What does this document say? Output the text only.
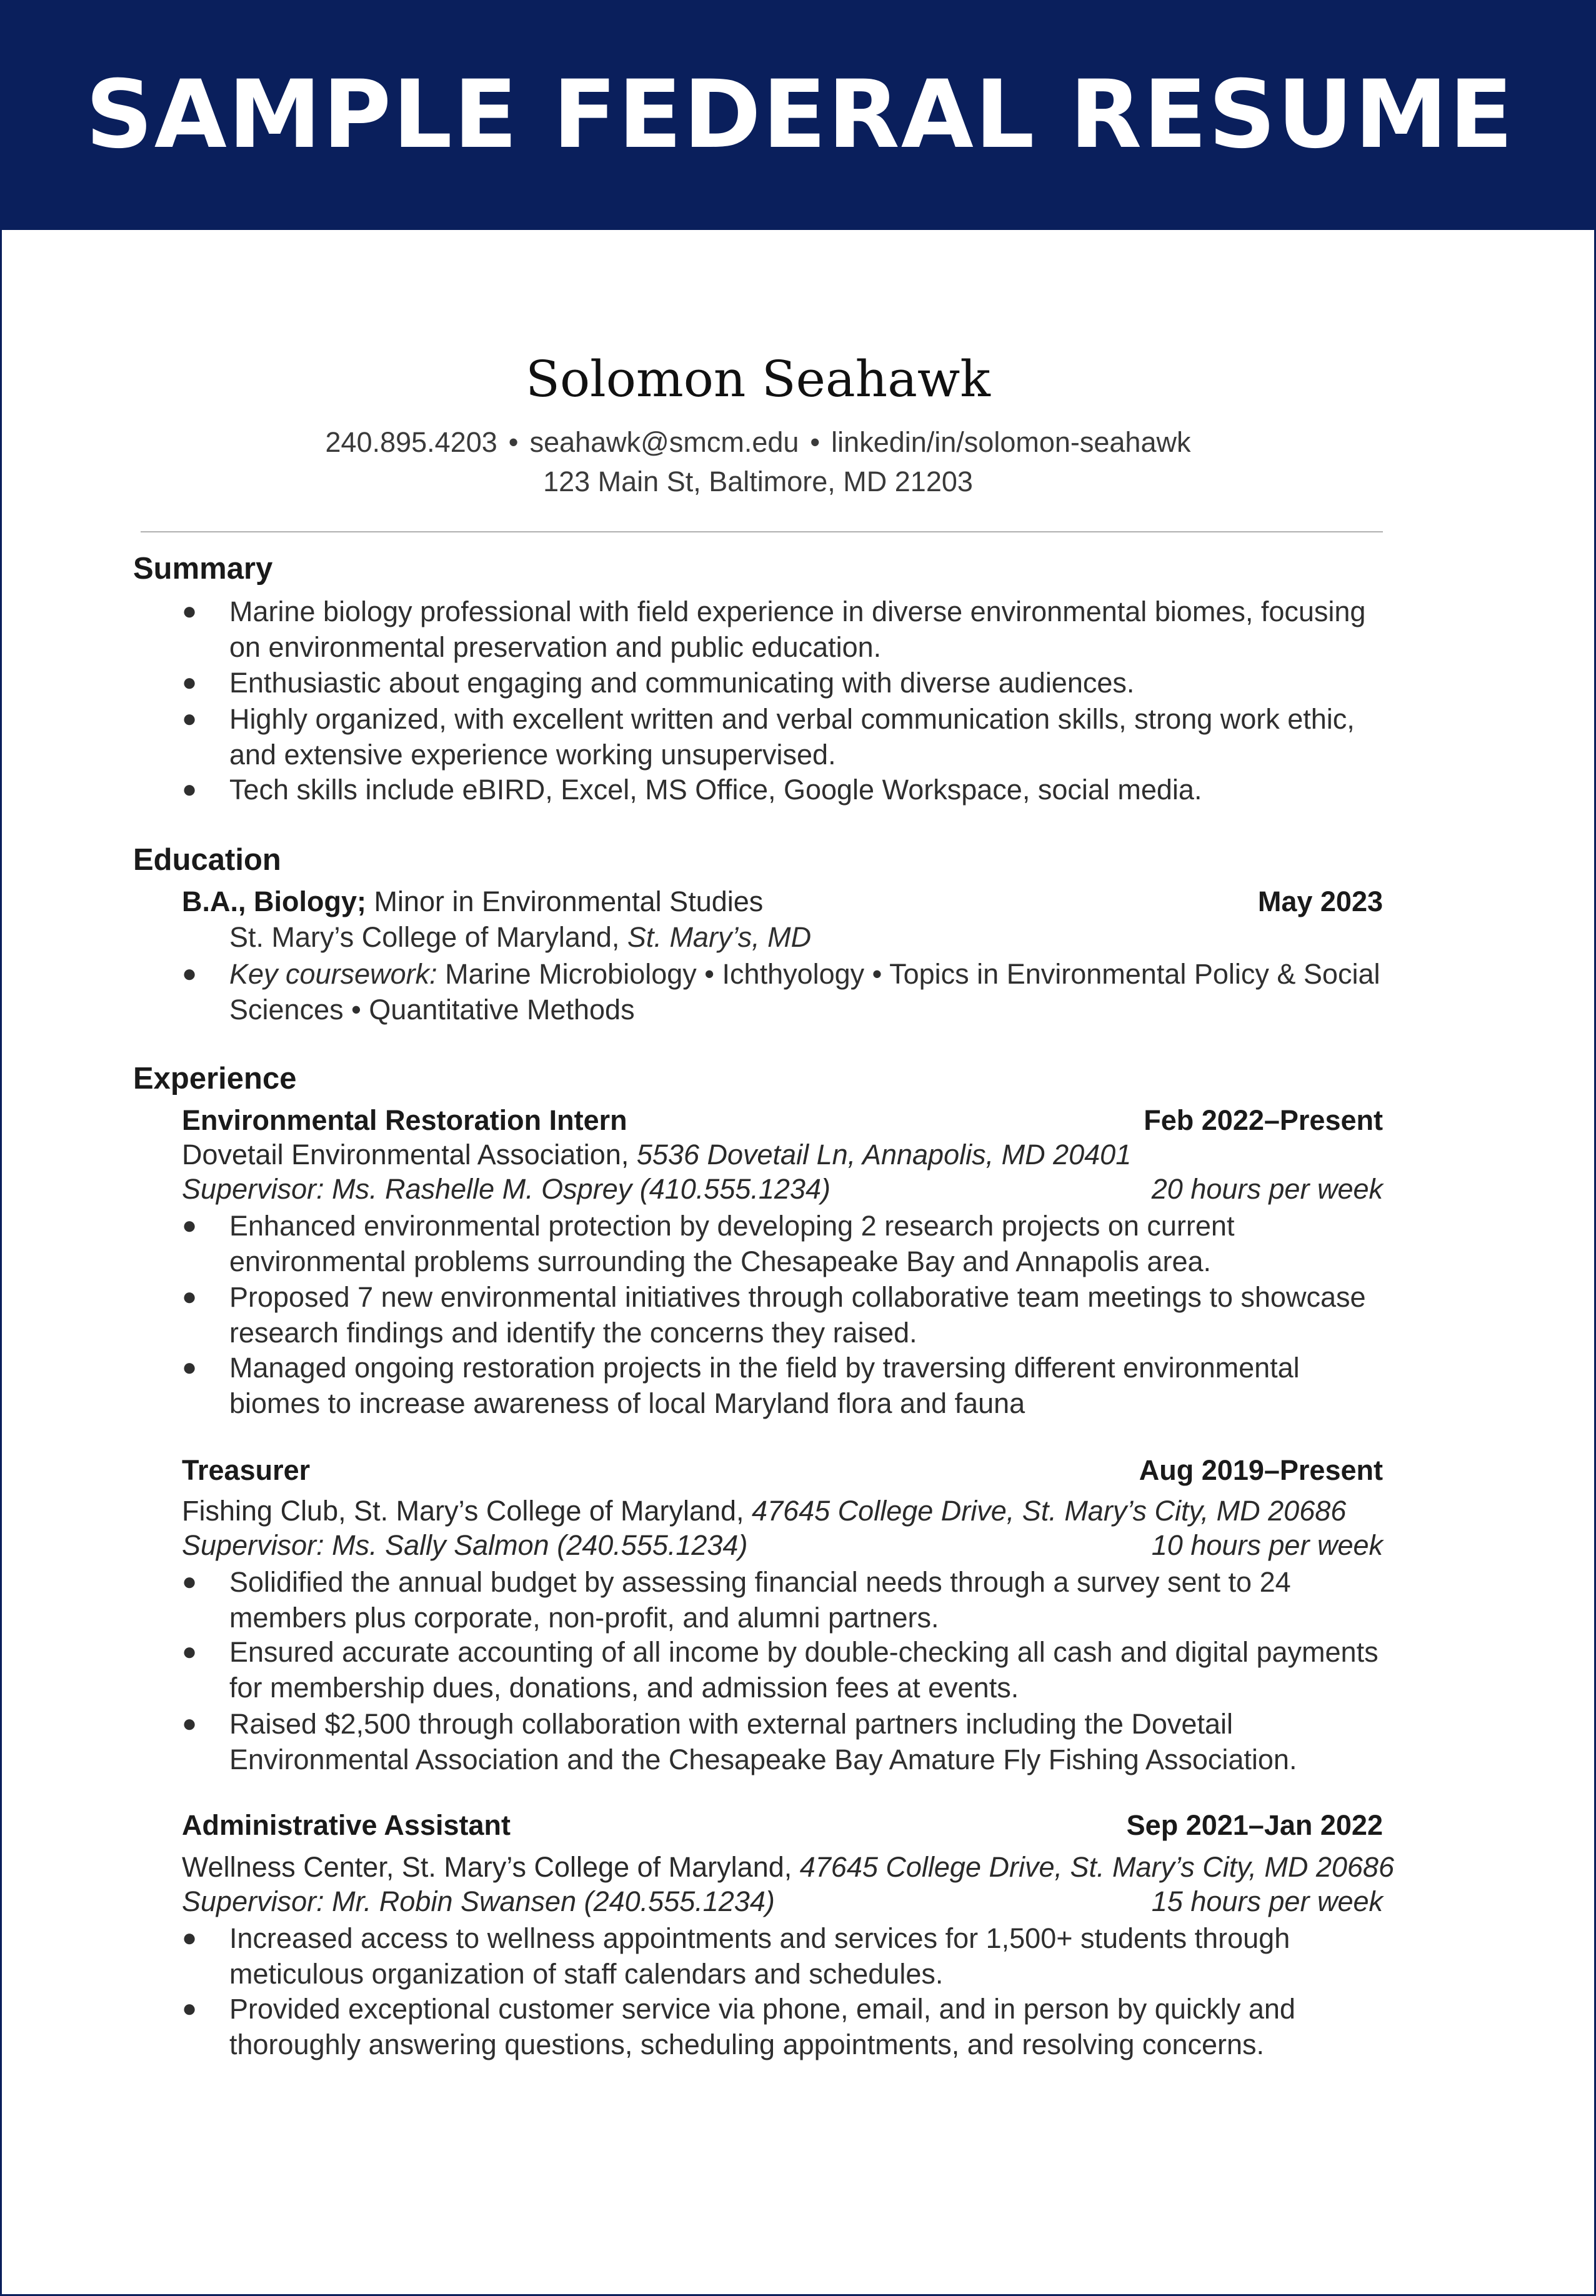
SAMPLE FEDERAL RESUME
Solomon Seahawk
240.895.4203 • seahawk@smcm.edu • linkedin/in/solomon-seahawk
123 Main St, Baltimore, MD 21203
Summary
● Marine biology professional with field experience in diverse environmental biomes, focusing on environmental preservation and public education.
● Enthusiastic about engaging and communicating with diverse audiences.
● Highly organized, with excellent written and verbal communication skills, strong work ethic, and extensive experience working unsupervised.
● Tech skills include eBIRD, Excel, MS Office, Google Workspace, social media.
Education
B.A., Biology; Minor in Environmental Studies	May 2023
St. Mary’s College of Maryland, St. Mary’s, MD
● Key coursework: Marine Microbiology • Ichthyology • Topics in Environmental Policy & Social Sciences • Quantitative Methods
Experience
Environmental Restoration Intern	Feb 2022–Present
Dovetail Environmental Association, 5536 Dovetail Ln, Annapolis, MD 20401
Supervisor: Ms. Rashelle M. Osprey (410.555.1234)	20 hours per week
● Enhanced environmental protection by developing 2 research projects on current environmental problems surrounding the Chesapeake Bay and Annapolis area.
● Proposed 7 new environmental initiatives through collaborative team meetings to showcase research findings and identify the concerns they raised.
● Managed ongoing restoration projects in the field by traversing different environmental biomes to increase awareness of local Maryland flora and fauna
Treasurer	Aug 2019–Present
Fishing Club, St. Mary’s College of Maryland, 47645 College Drive, St. Mary’s City, MD 20686
Supervisor: Ms. Sally Salmon (240.555.1234)	10 hours per week
● Solidified the annual budget by assessing financial needs through a survey sent to 24 members plus corporate, non-profit, and alumni partners.
● Ensured accurate accounting of all income by double-checking all cash and digital payments for membership dues, donations, and admission fees at events.
● Raised $2,500 through collaboration with external partners including the Dovetail Environmental Association and the Chesapeake Bay Amature Fly Fishing Association.
Administrative Assistant	Sep 2021–Jan 2022
Wellness Center, St. Mary’s College of Maryland, 47645 College Drive, St. Mary’s City, MD 20686
Supervisor: Mr. Robin Swansen (240.555.1234)	15 hours per week
● Increased access to wellness appointments and services for 1,500+ students through meticulous organization of staff calendars and schedules.
● Provided exceptional customer service via phone, email, and in person by quickly and thoroughly answering questions, scheduling appointments, and resolving concerns.
